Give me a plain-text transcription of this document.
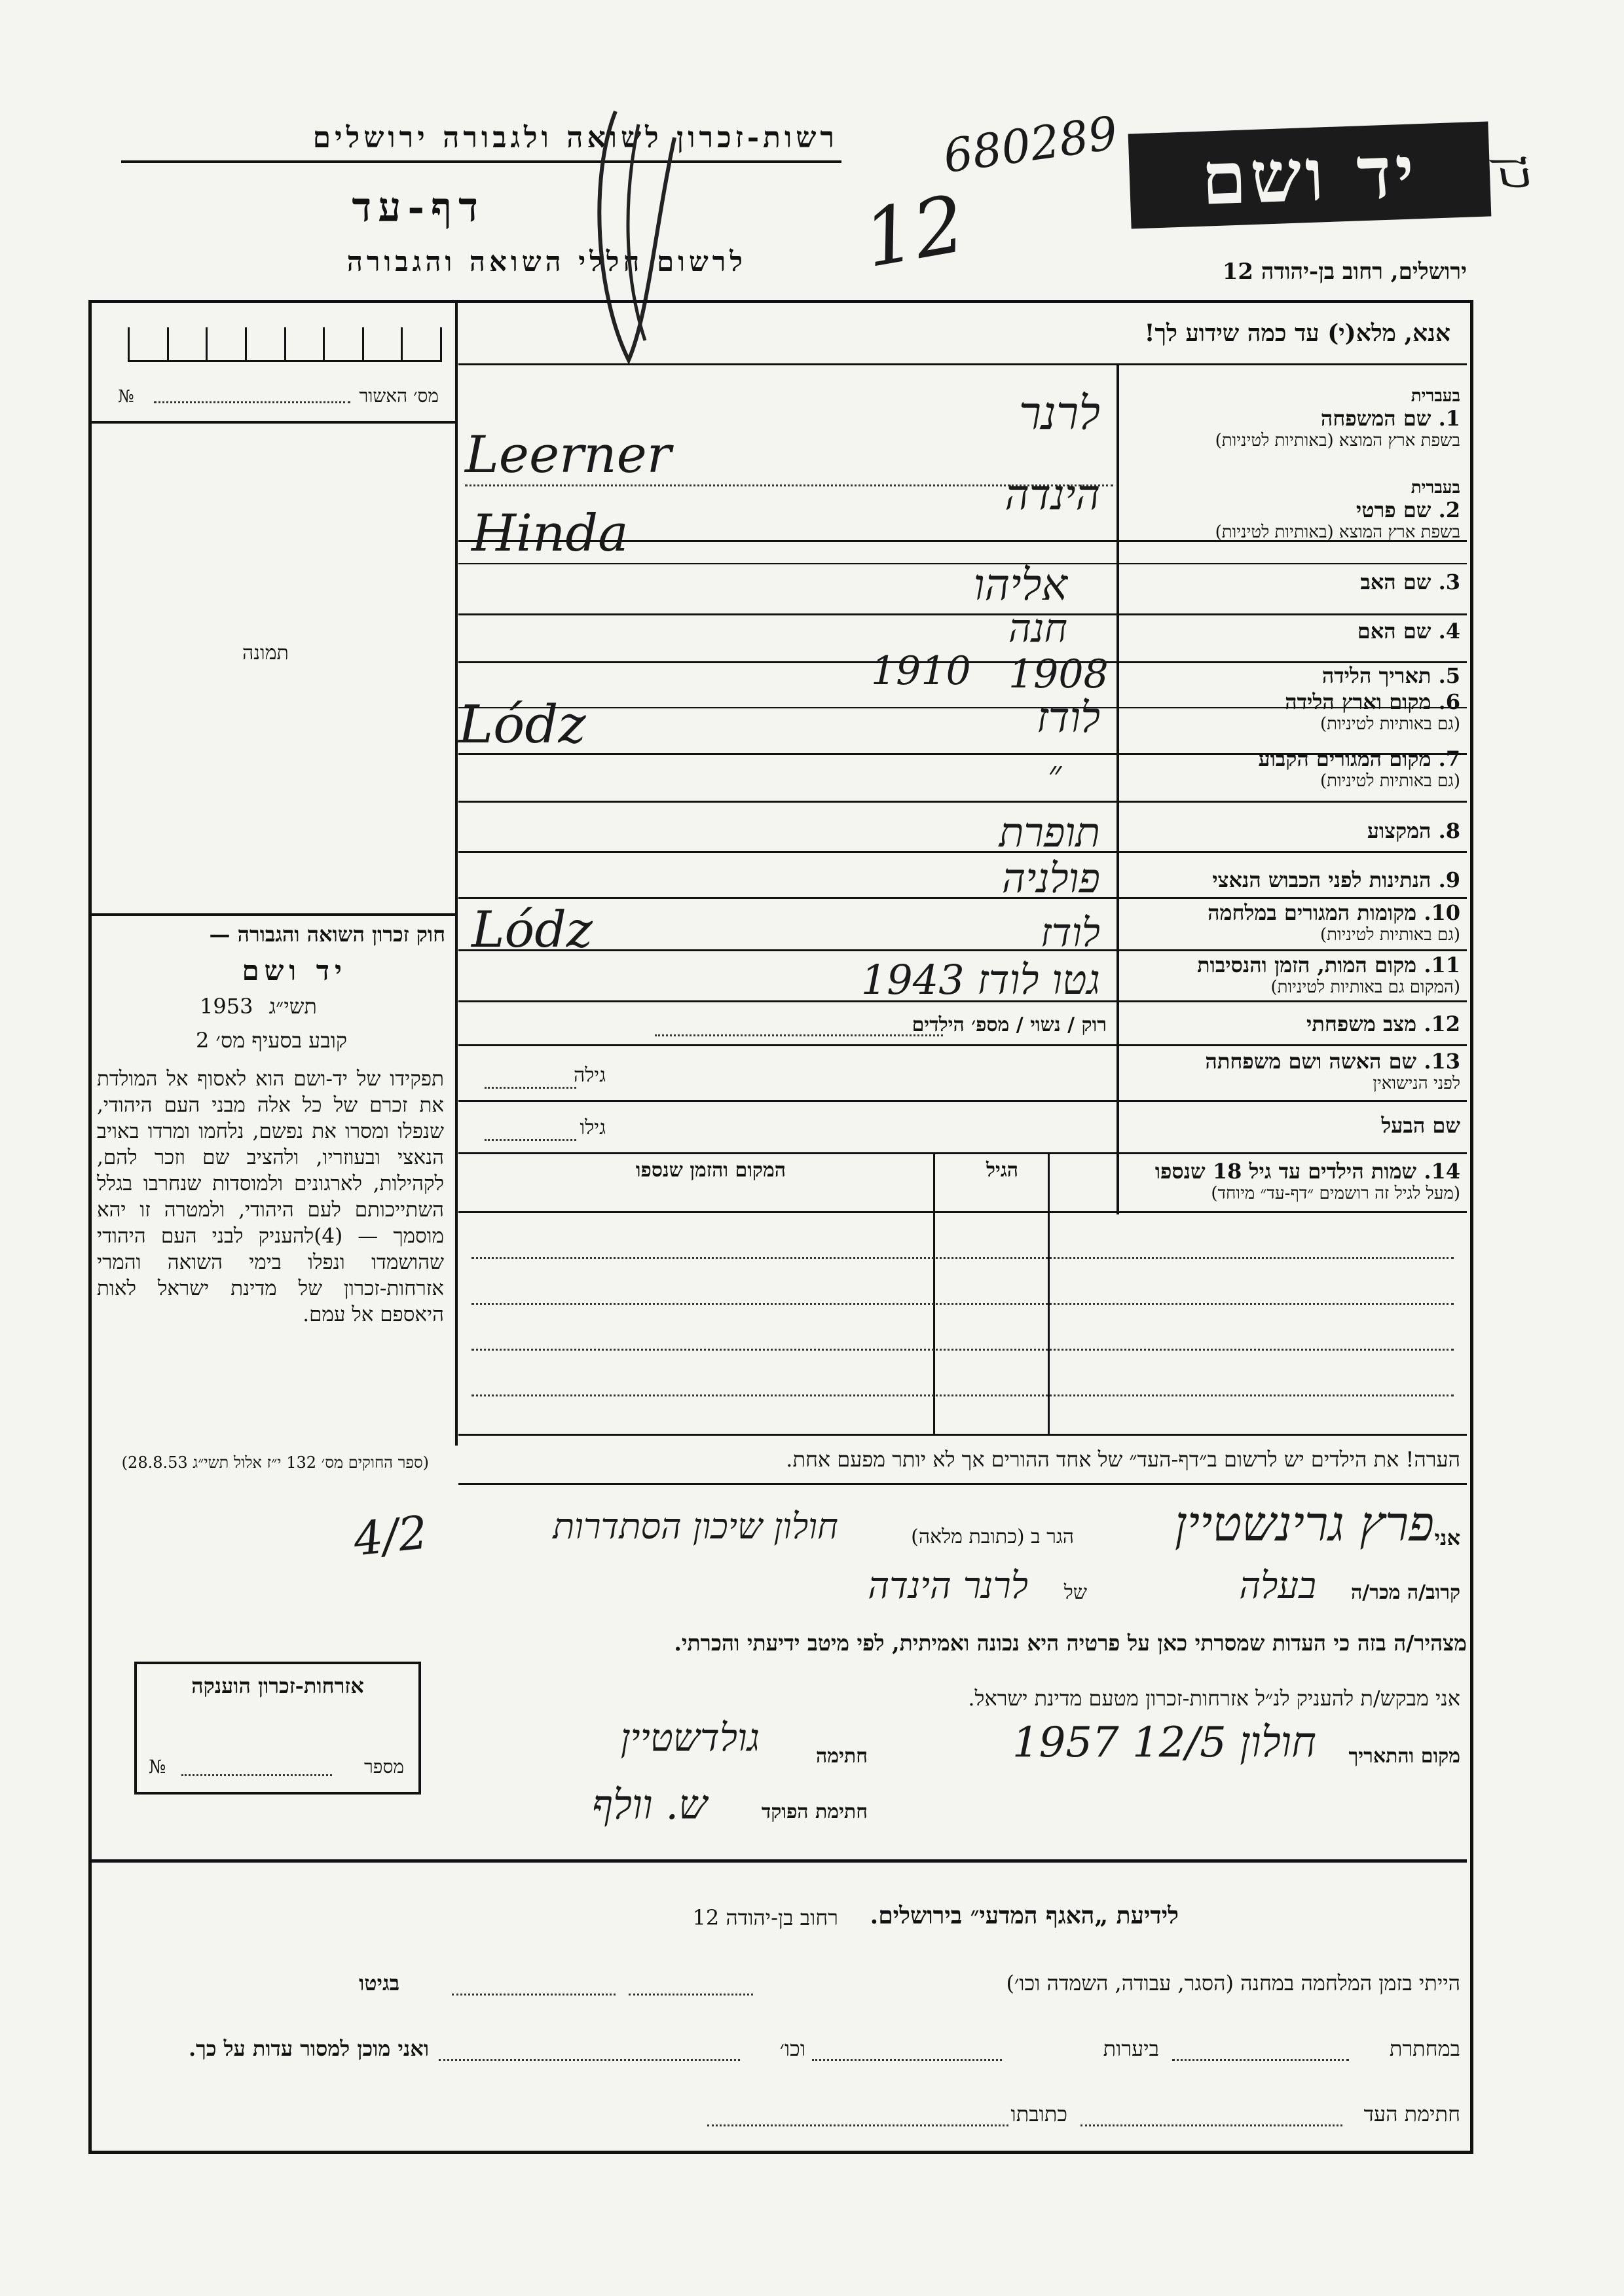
רשות-זכרון לשואה ולגבורה ירושלים
דף-עד
לרשום חללי השואה והגבורה
יד ושם
ירושלים, רחוב בן-יהודה 12
680289
12
כן
אנא, מלא(י) עד כמה שידוע לך!
№	מס׳ האשור
תמונה
חוק זכרון השואה והגבורה —
יד ושם
1953 תשי״ג
קובע בסעיף מס׳ 2
תפקידו של יד-ושם הוא לאסוף אל המולדת את זכרם של כל אלה מבני העם היהודי, שנפלו ומסרו את נפשם, נלחמו ומרדו באויב הנאצי ובעוזריו, ולהציב שם וזכר להם, לקהילות, לארגונים ולמוסדות שנחרבו בגלל השתייכותם לעם היהודי, ולמטרה זו יהא מוסמך — (4)להעניק לבני העם היהודי שהושמדו ונפלו בימי השואה והמרי אזרחות-זכרון של מדינת ישראל לאות היאספם אל עמם.
(ספר החוקים מס׳ 132 י״ז אלול תשי״ג 28.8.53)
בעברית
1. שם המשפחה
בשפת ארץ המוצא (באותיות לטיניות)
לרנר
Leerner
בעברית
2. שם פרטי
בשפת ארץ המוצא (באותיות לטיניות)
הינדה
Hinda
3. שם האב
אליהו
4. שם האם
חנה
5. תאריך הלידה
1910 1908
6. מקום וארץ הלידה
(גם באותיות לטיניות)
לודז
Lódz
7. מקום המגורים הקבוע
(גם באותיות לטיניות)
״
8. המקצוע
תופרת
9. הנתינות לפני הכבוש הנאצי
פולניה
10. מקומות המגורים במלחמה
(גם באותיות לטיניות)
לודז
Lódz
11. מקום המות, הזמן והנסיבות
(המקום גם באותיות לטיניות)
גטו לודז 1943
12. מצב משפחתי
רוק / נשוי / מספ׳ הילדים
13. שם האשה ושם משפחתה
לפני הנישואין
גילה
שם הבעל
גילו
14. שמות הילדים עד גיל 18 שנספו
(מעל לגיל זה רושמים ״דף-עד״ מיוחד)
הגיל
המקום והזמן שנספו
הערה! את הילדים יש לרשום ב״דף-העד״ של אחד ההורים אך לא יותר מפעם אחת.
אני
פרץ גרינשטיין
הגר ב (כתובת מלאה)
חולון שיכון הסתדרות
4/2
קרוב/ה מכר/ה
בעלה
של
לרנר הינדה
מצהיר/ה בזה כי העדות שמסרתי כאן על פרטיה היא נכונה ואמיתית, לפי מיטב ידיעתי והכרתי.
אזרחות-זכרון הוענקה
№	מספר
אני מבקש/ת להעניק לנ״ל אזרחות-זכרון מטעם מדינת ישראל.
מקום והתאריך
חולון 12/5 1957
חתימה
גולדשטיין
חתימת הפוקד
ש. וולף
לידיעת „האגף המדעי״ בירושלים.
רחוב בן-יהודה 12
הייתי בזמן המלחמה במחנה (הסגר, עבודה, השמדה וכו׳)
בגיטו
במחתרת
ביערות
וכו׳
ואני מוכן למסור עדות על כך.
חתימת העד
כתובתו
